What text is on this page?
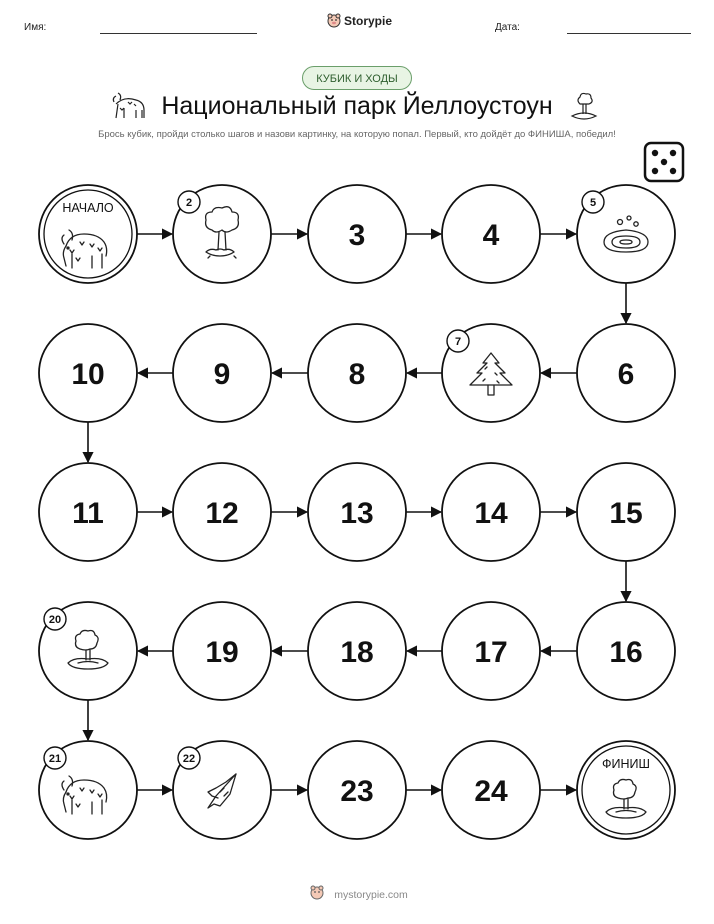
Имя:	Storypie	Дата:
КУБИК И ХОДЫ
Национальный парк Йеллоустоун
Брось кубик, пройди столько шагов и назови картинку, на которую попал. Первый, кто дойдёт до ФИНИША, победил!
НАЧАЛО	2
3	4
5
6
7
8
9
10
11	12	13	14	15
16
17
18
19
20
21	22
23	24
ФИНИШ
mystorypie.com
